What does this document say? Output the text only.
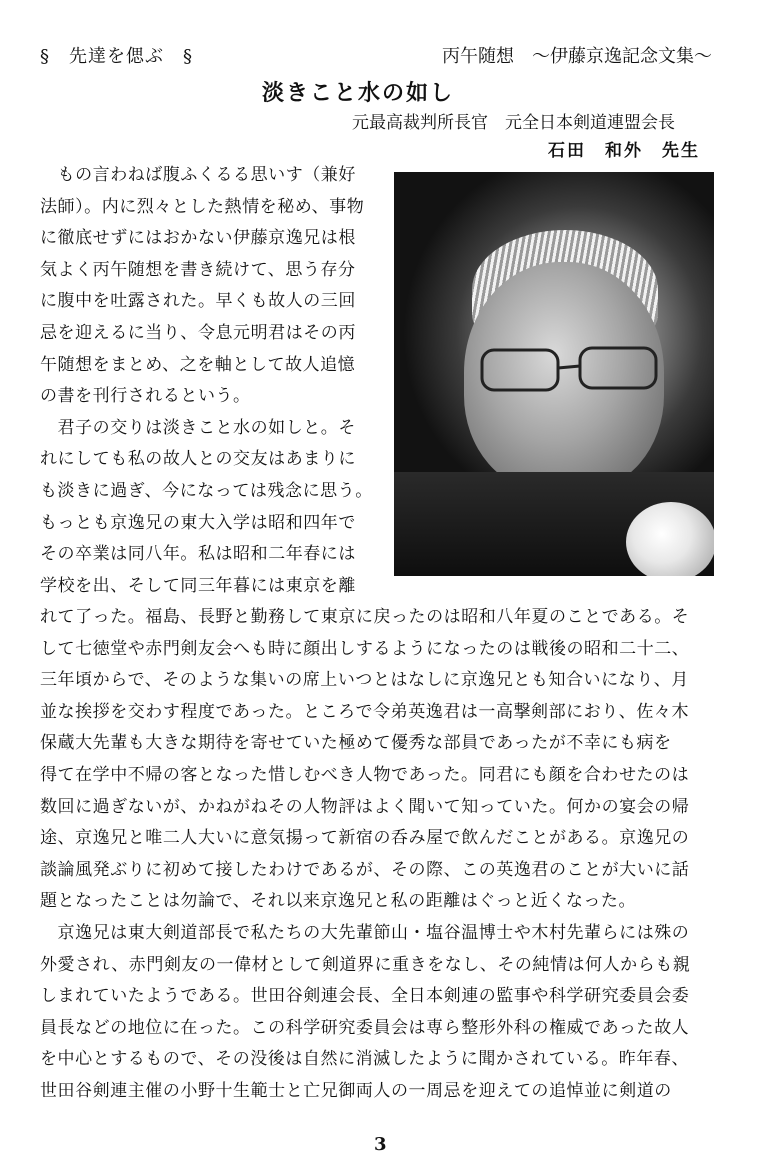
§　先達を偲ぶ　§	丙午随想　～伊藤京逸記念文集～
淡きこと水の如し
元最高裁判所長官　元全日本剣道連盟会長
石田　和外　先生
　もの言わねば腹ふくるる思いす（兼好
法師）。内に烈々とした熱情を秘め、事物
に徹底せずにはおかない伊藤京逸兄は根
気よく丙午随想を書き続けて、思う存分
に腹中を吐露された。早くも故人の三回
忌を迎えるに当り、令息元明君はその丙
午随想をまとめ、之を軸として故人追憶
の書を刊行されるという。
　君子の交りは淡きこと水の如しと。そ
れにしても私の故人との交友はあまりに
も淡きに過ぎ、今になっては残念に思う。
もっとも京逸兄の東大入学は昭和四年で
その卒業は同八年。私は昭和二年春には
学校を出、そして同三年暮には東京を離
れて了った。福島、長野と勤務して東京に戻ったのは昭和八年夏のことである。そ
して七徳堂や赤門剣友会へも時に顔出しするようになったのは戦後の昭和二十二、
三年頃からで、そのような集いの席上いつとはなしに京逸兄とも知合いになり、月
並な挨拶を交わす程度であった。ところで令弟英逸君は一高撃剣部におり、佐々木
保蔵大先輩も大きな期待を寄せていた極めて優秀な部員であったが不幸にも病を
得て在学中不帰の客となった惜しむべき人物であった。同君にも顔を合わせたのは
数回に過ぎないが、かねがねその人物評はよく聞いて知っていた。何かの宴会の帰
途、京逸兄と唯二人大いに意気揚って新宿の呑み屋で飲んだことがある。京逸兄の
談論風発ぶりに初めて接したわけであるが、その際、この英逸君のことが大いに話
題となったことは勿論で、それ以来京逸兄と私の距離はぐっと近くなった。
　京逸兄は東大剣道部長で私たちの大先輩節山・塩谷温博士や木村先輩らには殊の
外愛され、赤門剣友の一偉材として剣道界に重きをなし、その純情は何人からも親
しまれていたようである。世田谷剣連会長、全日本剣連の監事や科学研究委員会委
員長などの地位に在った。この科学研究委員会は専ら整形外科の権威であった故人
を中心とするもので、その没後は自然に消滅したように聞かされている。昨年春、
世田谷剣連主催の小野十生範士と亡兄御両人の一周忌を迎えての追悼並に剣道の
3
